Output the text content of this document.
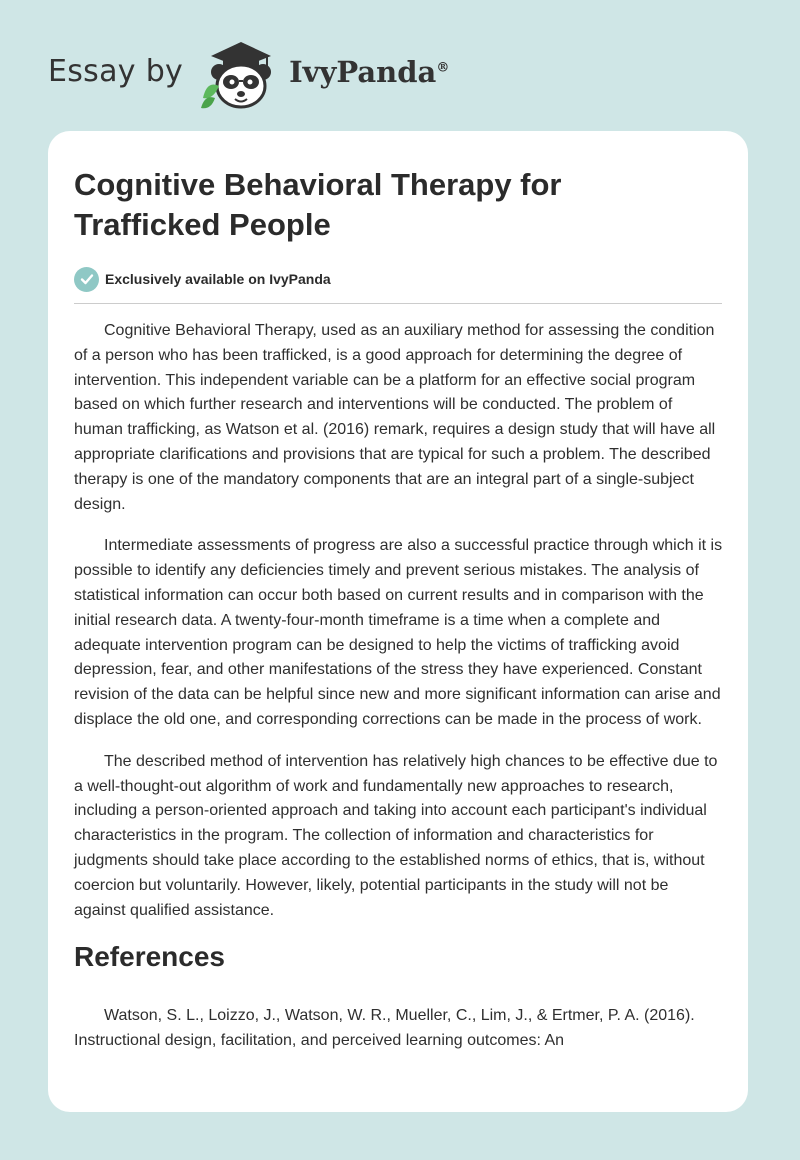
Essay by	IvyPanda®
Cognitive Behavioral Therapy for Trafficked People
Exclusively available on IvyPanda

Cognitive Behavioral Therapy, used as an auxiliary method for assessing the condition of a person who has been trafficked, is a good approach for determining the degree of intervention. This independent variable can be a platform for an effective social program based on which further research and interventions will be conducted. The problem of human trafficking, as Watson et al. (2016) remark, requires a design study that will have all appropriate clarifications and provisions that are typical for such a problem. The described therapy is one of the mandatory components that are an integral part of a single-subject design.

Intermediate assessments of progress are also a successful practice through which it is possible to identify any deficiencies timely and prevent serious mistakes. The analysis of statistical information can occur both based on current results and in comparison with the initial research data. A twenty-four-month timeframe is a time when a complete and adequate intervention program can be designed to help the victims of trafficking avoid depression, fear, and other manifestations of the stress they have experienced. Constant revision of the data can be helpful since new and more significant information can arise and displace the old one, and corresponding corrections can be made in the process of work.

The described method of intervention has relatively high chances to be effective due to a well-thought-out algorithm of work and fundamentally new approaches to research, including a person-oriented approach and taking into account each participant's individual characteristics in the program. The collection of information and characteristics for judgments should take place according to the established norms of ethics, that is, without coercion but voluntarily. However, likely, potential participants in the study will not be against qualified assistance.

References

Watson, S. L., Loizzo, J., Watson, W. R., Mueller, C., Lim, J., & Ertmer, P. A. (2016). Instructional design, facilitation, and perceived learning outcomes: An
